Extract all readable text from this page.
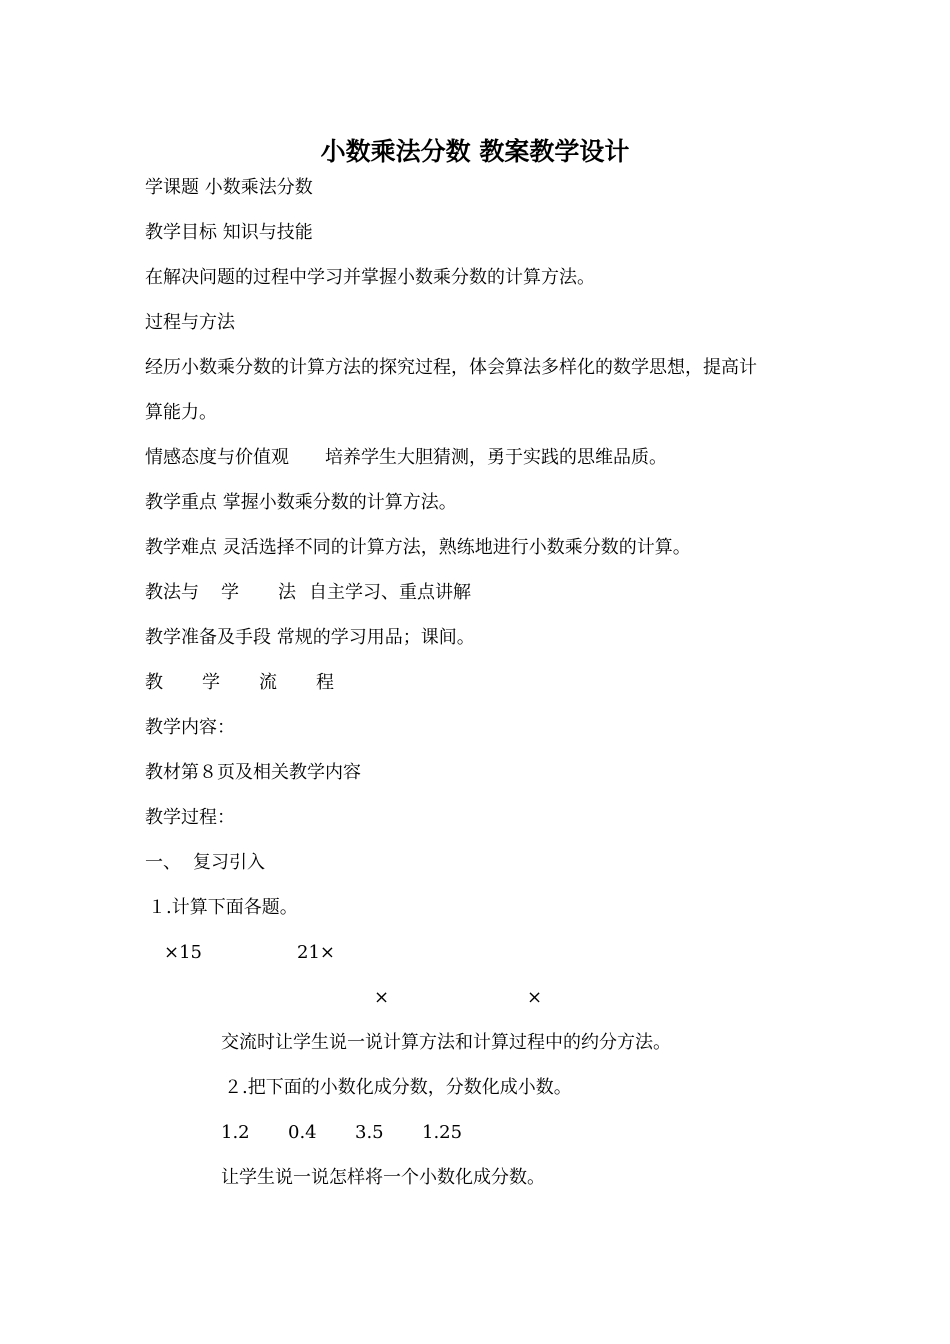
小数乘法分数 教案教学设计
学课题 小数乘法分数
教学目标 知识与技能
在解决问题的过程中学习并掌握小数乘分数的计算方法。
过程与方法
经历小数乘分数的计算方法的探究过程，体会算法多样化的数学思想，提高计
算能力。
情感态度与价值观 培养学生大胆猜测，勇于实践的思维品质。
教学重点 掌握小数乘分数的计算方法。
教学难点 灵活选择不同的计算方法，熟练地进行小数乘分数的计算。
教法与 学 法 自主学习、重点讲解
教学准备及手段 常规的学习用品；课间。
教 学 流 程
教学内容：
教材第８页及相关教学内容
教学过程：
一、 复习引入
１.计算下面各题。
×15	21×
×	×
交流时让学生说一说计算方法和计算过程中的约分方法。
２.把下面的小数化成分数，分数化成小数。
1.2 0.4 3.5 1.25
让学生说一说怎样将一个小数化成分数。
